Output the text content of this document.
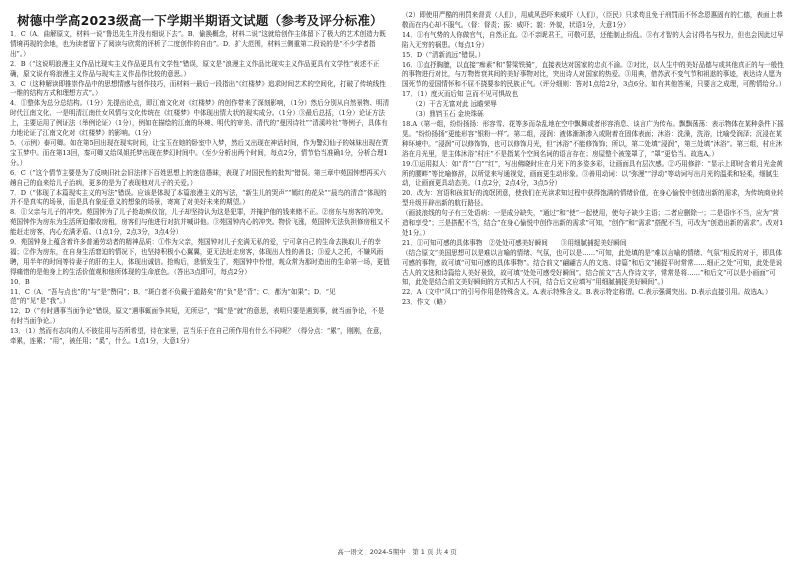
树德中学高2023级高一下学期半期语文试题（参考及评分标准）

1．C（A．曲解原文，材料一说“鲁迅先生并没有细说下去”。B．偷换概念，材料二说“这就给创作主体留下了极大的艺术创造力既情境再现的余地，也为读者留下了阅读与欣赏的评析了二度创作的自由”。D．扩大范围，材料三侧重第二段说的是“不少学者指出”。）

2．B（“这说明浪漫主义作品比现实主义作品更具有文学性”错误，原文是“浪漫主义作品比现实主义作品更具有文学性”表述不正确，原文说有将浪漫主义作品与现实主义作品作比较的意思。）

3．C（这种解读即推崇作品中的思想情感与创作技巧，而材料一最后一段指出“《红楼梦》追求时间艺术的空间化，打破了传统线性一维的结构方式和理想方式”。）

4．①整体为总分总结构。（1分）先提出论点，即江南文化对《红楼梦》的创作带来了深刻影响，（1分）然后分别从自然景物、明清时代江南文化、一是明清江南仕女风情与文化传统在《红楼梦》中体现出情大状的现实成分。（1分）③最后总括，（1分）论证方法上，主要运用了例证法（举例论证）（1分），例如在描绘的江南的环境、明代的审美、清代的“曼因诗社”“清溪吟社”等例子，具体有力地论证了江南文化对《红楼梦》的影响。（1分）

5．（示例）泰可卿。如在第5回出现在现实时间，让宝玉在她的卧室中入梦，然后又出现在神话时间，作为警幻仙子的妹妹出现在贾宝玉梦中。而在第13回，秦可卿又给凤姐托梦出现在梦幻时间中。（至少分析出两个时间，每点2分，情节恰当准确1分，分析合理1分。）

6．C（“这个情节主要是为了反映旧社会旧法律下百姓思想上的迷信愚昧，表现了对国民性的批判”错误。第三章中苑国钟想再买六趟自己的血来给儿子治病，更多的是为了表现他对儿子的关爱。）

7．D（“体现了本篇现实主义的写法”错误。应该是体现了本篇浪漫主义的写法，“新生儿的哭声”“嫣红的花朵”“晨鸟的清音”体现的并不是真实的场景，而是具有象征意义的想象的场景，寄寓了对美好未来的期望。）

8．①父亲与儿子的冲突。苑国钟为了儿子抢劫殡仪馆，儿子却坚持认为这是犯罪，并掩护他的钱来赌不正。②房东与房客的冲突。苑国钟作为房东为生活所迫催收房租，房客们与他进行对抗并喊讲他。③苑国钟内心的冲突。物价飞涨，苑国钟无法负担修房租又不能赶走房客，内心充满矛盾。（1点1分，2点3分，3点4分）

9．苑国钟身上蕴含着许多普通劳动者的精神品质：①作为父亲，苑国钟对儿子充满无私的爱，宁可拿自己的生命去换取儿子的幸福；②作为房东，在自身生活窘迫的情况下，也坚持积极小心翼翼，更无法赶走房客，体现出人性的善良；③爱人之托，不嫌风雨聘，用半年的时间等待妻子的肝的主人，体现出诚信。抢购后，悲愤发生了，苑国钟中怜惜，观众常为那时造出的生命第一场，更值得痛惜的是他身上的生活价值观和他所体现的生命底色。（答出3点即可，每点2分）

10．B

11．C（A．“吾与点也”的“与”是“赞同”；B．“斑白者不负戴于道路矣”的“负”是“背”；C．都为“如果”；D．“见范”的“见”是“我”。）

12．D（“有时遇事当面争论”错误，原文“遇事辄面争其短，无所忌”，“辄”是“就”的意思，表明只要是遇到事，就当面争论，不是有时当面争论。）

13．（1）然而有志向的人不彼往用与否所希望，待在家里，岂当乐于在自己所作用有什么不同呢？（得分点：“累”，刚刚，在意，牵累，连累；“用”，被任用；“奚”，什么。1点1分，大意1分）

（2）即使用严酷的刑罚来督责（人们），用威风恐吓来威吓（人们），（臣民）只求苟且免于刑罚而不怀念恩惠固有的仁德，表面上恭敬而在内心却不服气。（督：督责；振：威吓；貌：外貌，状语1分，大意1分）

14．①有气势的人你做官气，自然正直。②不亲昵君王，可敬可恶，还能制止纷乱。③有才智的人会讨得名与权力，但也会因此过早陷入无穷的祸患。（每点1分）

15．D（“清新流远”错误。）

16．①直抒胸臆，以直接“痴素”和“誓梁铁骑”，直接表达对国家的忠贞不渝。②对比，以人生中的美好品德与或其他真正的与一般性的事物进行对比，与万物皆衰其间的美好事物对比，突出诗人对国家的热爱。③用典，借苏武不变气节和祖逖的事迹，表达诗人愿为国死节的爱国情怀和不屈不挠要参的民族正气。（评分细则：答对1点给2分，3点6分。如有其他答案，只要言之成理，可酌情给分。）

17．（1）度灭而后知 岂而不见可惧故也

（2）干古无富对此 远瞻荣辱

（3）鼎铛玉石 金块珠砾

18.A（第一组，纷纷扬扬：形容雪、花等多而杂乱地在空中飘舞或者形容消息、谈言广为传布。飘飘荡荡：表示物体在某种条件下摇晃。“纷纷扬扬”更能形容“银粉一样”。第二组，浸润：液体渐渐渗入或附着在固体表面；沐浴：洗澡，洗浴，比喻受润泽；沉浸在某种环境中。“浸润”可以修饰饰，也可以修饰月光，但“沐浴”不能修饰饰；所以，第二处填“浸润”，第三处填“沐浴”。第三组，村庄沐浴在月光里，是主体沐浴“村庄”不是指某个空间名词的语言存在；房屋整个被笼罩了，“罩”更恰当。故选A。）

19.①运用拟人：如“青”“白”“红”，写出佛晓时庄在月光下的多姿多彩，让画面具有层次感。②巧用修辞：“显示上即时含着月光金黄所的腰畔”等比喻修辞，以所觉来写通视觉，画面更生动形象。③善用动词：以“弥漫”“浮动”等动词写出月光的温柔和轻柔，细腻生动，让画面更具动态美。（1点2分，2点4分，3点5分）

20．改为：宫语和孩贫好的流氓团意，使我们在光读求知过程中获得饱满的情绪价值，在身心愉悦中创造出新的需求，为传统商业转型升级开辟出新的航行路径。

（画波浪线的句子有三处语病：一是成分缺失，“通过”和“使”一起使用，使句子缺少主语；二者应删除一；二是语序不当，应为“营造和享受”；三是搭配不当，结合“在身心愉悦中创作出新的需求”可知，“创作”和“需求”搭配不当，可改为“创造出新的需求”。改对1处1分。）

21．①可知可感的具体事物　②处处可感美好瞬间　　③用细腻捕捉美好瞬间

（结合原文“美国思想可以是难以言喻的情绪、气氛，也可以是……”可知，此处填的是“难以言喻的情绪、气氛”相反的对于，即具体可感的事物，故可填“可知可感的具体事物”。结合前文“翩翩古人的文选、诗篇”和后文“捕捉平时常常……细正之处”可知，此处是说古人的文选和诗篇给人美好景致，故可填“处处可感受好瞬间”。结合前文“古人作诗文字，常常是将……”和后文“可以是小画面”可知，此处是结合前文美好瞬间的方式和古人不同，结合后文应填写“用细腻捕捉美好瞬间”。）

22．A（文中“风口”的引号作用是特殊含义。A.表示特殊含义。B.表示特定称谓。C.表示强调突出。D.表示直接引用。故选A。）

23．作文（略）

高一语文　2024-5期中　第 1 页 共 4 页
